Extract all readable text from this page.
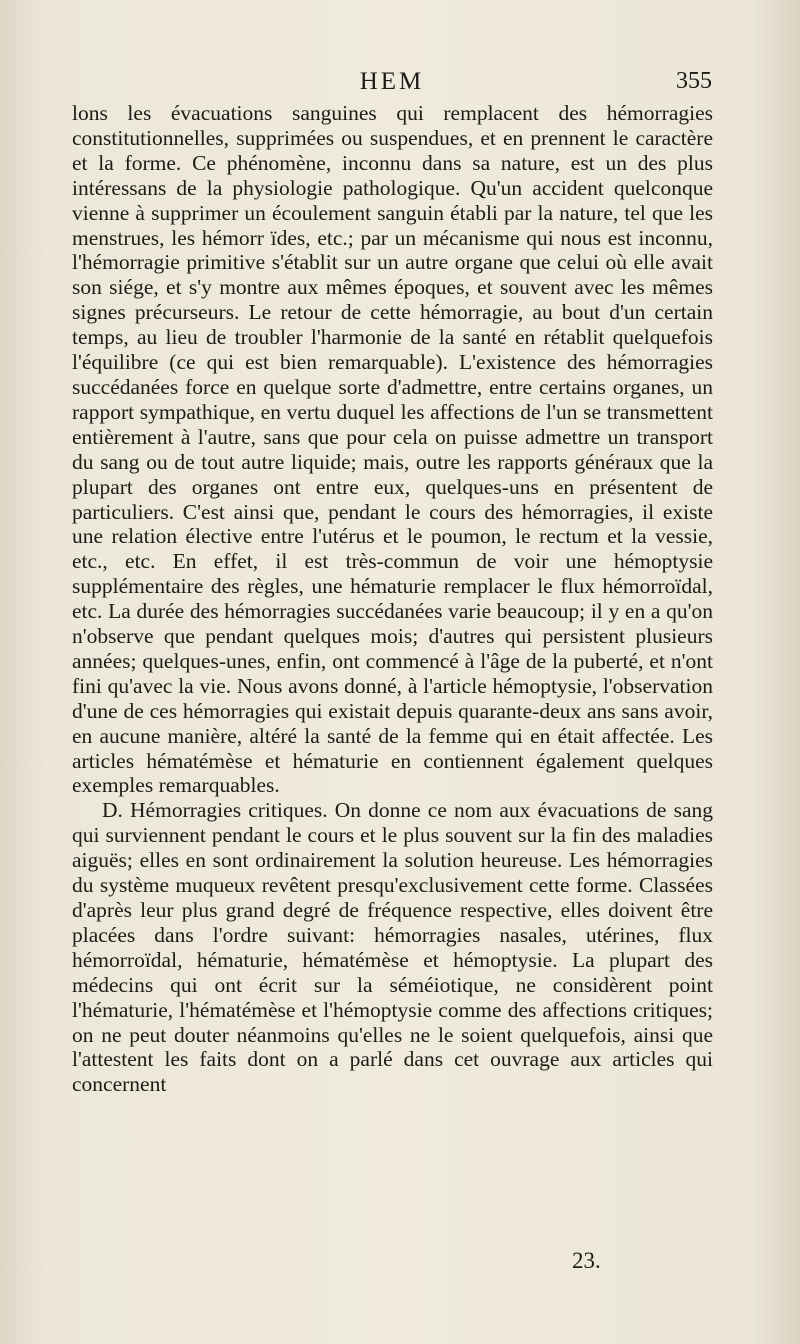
HEM	355

lons les évacuations sanguines qui remplacent des hémorragies constitutionnelles, supprimées ou suspendues, et en prennent le caractère et la forme. Ce phénomène, inconnu dans sa nature, est un des plus intéressans de la physiologie pathologique. Qu'un accident quelconque vienne à supprimer un écoulement sanguin établi par la nature, tel que les menstrues, les hémorr ïdes, etc.; par un mécanisme qui nous est inconnu, l'hémorragie primitive s'établit sur un autre organe que celui où elle avait son siége, et s'y montre aux mêmes époques, et souvent avec les mêmes signes précurseurs. Le retour de cette hémorragie, au bout d'un certain temps, au lieu de troubler l'harmonie de la santé en rétablit quelquefois l'équilibre (ce qui est bien remarquable). L'existence des hémorragies succédanées force en quelque sorte d'admettre, entre certains organes, un rapport sympathique, en vertu duquel les affections de l'un se transmettent entièrement à l'autre, sans que pour cela on puisse admettre un transport du sang ou de tout autre liquide; mais, outre les rapports généraux que la plupart des organes ont entre eux, quelques-uns en présentent de particuliers. C'est ainsi que, pendant le cours des hémorragies, il existe une relation élective entre l'utérus et le poumon, le rectum et la vessie, etc., etc. En effet, il est très-commun de voir une hémoptysie supplémentaire des règles, une hématurie remplacer le flux hémorroïdal, etc. La durée des hémorragies succédanées varie beaucoup; il y en a qu'on n'observe que pendant quelques mois; d'autres qui persistent plusieurs années; quelques-unes, enfin, ont commencé à l'âge de la puberté, et n'ont fini qu'avec la vie. Nous avons donné, à l'article hémoptysie, l'observation d'une de ces hémorragies qui existait depuis quarante-deux ans sans avoir, en aucune manière, altéré la santé de la femme qui en était affectée. Les articles hématémèse et hématurie en contiennent également quelques exemples remarquables.

D. Hémorragies critiques. On donne ce nom aux évacuations de sang qui surviennent pendant le cours et le plus souvent sur la fin des maladies aiguës; elles en sont ordinairement la solution heureuse. Les hémorragies du système muqueux revêtent presqu'exclusivement cette forme. Classées d'après leur plus grand degré de fréquence respective, elles doivent être placées dans l'ordre suivant: hémorragies nasales, utérines, flux hémorroïdal, hématurie, hématémèse et hémoptysie. La plupart des médecins qui ont écrit sur la séméiotique, ne considèrent point l'hématurie, l'hématémèse et l'hémoptysie comme des affections critiques; on ne peut douter néanmoins qu'elles ne le soient quelquefois, ainsi que l'attestent les faits dont on a parlé dans cet ouvrage aux articles qui concernent

23.
